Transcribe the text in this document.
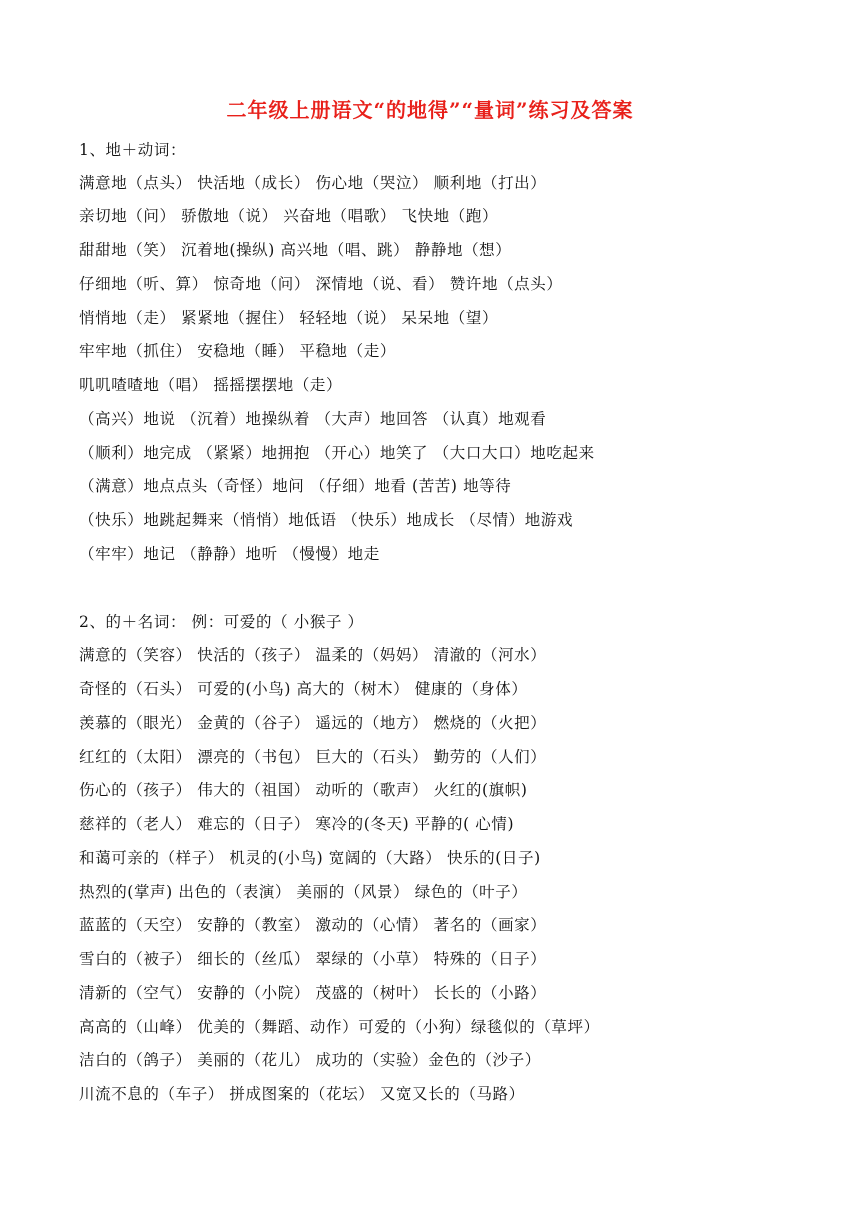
二年级上册语文“的地得”“量词”练习及答案
1、地＋动词：
满意地（点头） 快活地（成长） 伤心地（哭泣） 顺利地（打出）
亲切地（问） 骄傲地（说） 兴奋地（唱歌） 飞快地（跑）
甜甜地（笑） 沉着地(操纵) 高兴地（唱、跳） 静静地（想）
仔细地（听、算） 惊奇地（问） 深情地（说、看） 赞许地（点头）
悄悄地（走） 紧紧地（握住） 轻轻地（说） 呆呆地（望）
牢牢地（抓住） 安稳地（睡） 平稳地（走）
叽叽喳喳地（唱） 摇摇摆摆地（走）
（高兴）地说 （沉着）地操纵着 （大声）地回答 （认真）地观看
（顺利）地完成 （紧紧）地拥抱 （开心）地笑了 （大口大口）地吃起来
（满意）地点点头（奇怪）地问 （仔细）地看 (苦苦) 地等待
（快乐）地跳起舞来（悄悄）地低语 （快乐）地成长 （尽情）地游戏
（牢牢）地记 （静静）地听 （慢慢）地走
2、的＋名词： 例：可爱的（ 小猴子 ）
满意的（笑容） 快活的（孩子） 温柔的（妈妈） 清澈的（河水）
奇怪的（石头） 可爱的(小鸟) 高大的（树木） 健康的（身体）
羡慕的（眼光） 金黄的（谷子） 遥远的（地方） 燃烧的（火把）
红红的（太阳） 漂亮的（书包） 巨大的（石头） 勤劳的（人们）
伤心的（孩子） 伟大的（祖国） 动听的（歌声） 火红的(旗帜)
慈祥的（老人） 难忘的（日子） 寒冷的(冬天) 平静的( 心情)
和蔼可亲的（样子） 机灵的(小鸟) 宽阔的（大路） 快乐的(日子)
热烈的(掌声) 出色的（表演） 美丽的（风景） 绿色的（叶子）
蓝蓝的（天空） 安静的（教室） 激动的（心情） 著名的（画家）
雪白的（被子） 细长的（丝瓜） 翠绿的（小草） 特殊的（日子）
清新的（空气） 安静的（小院） 茂盛的（树叶） 长长的（小路）
高高的（山峰） 优美的（舞蹈、动作）可爱的（小狗）绿毯似的（草坪）
洁白的（鸽子） 美丽的（花儿） 成功的（实验）金色的（沙子）
川流不息的（车子） 拼成图案的（花坛） 又宽又长的（马路）
